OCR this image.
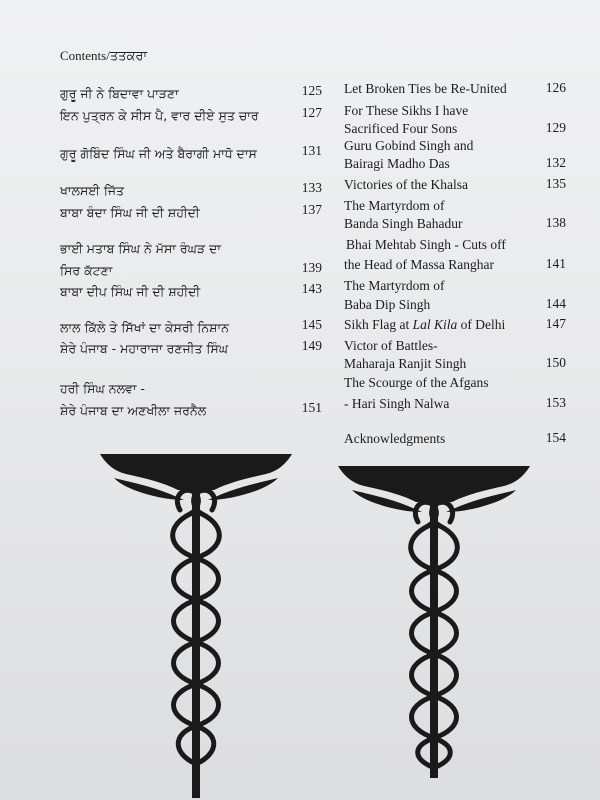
Contents/ਤਤਕਰਾ
ਗੁਰੂ ਜੀ ਨੇ ਬਿਦਾਵਾ ਪਾੜਣਾ	125
ਇਨ ਪੁਤ੍ਰਨ ਕੇ ਸੀਸ ਪੈ, ਵਾਰ ਦੀਏ ਸੁਤ ਚਾਰ	127
ਗੁਰੂ ਗੋਬਿੰਦ ਸਿੰਘ ਜੀ ਅਤੇ ਬੈਰਾਗੀ ਮਾਧੋ ਦਾਸ	131
ਖਾਲਸਈ ਜਿੱਤ	133
ਬਾਬਾ ਬੰਦਾ ਸਿੰਘ ਜੀ ਦੀ ਸ਼ਹੀਦੀ	137
ਭਾਈ ਮਤਾਬ ਸਿੰਘ ਨੇ ਮੱਸਾ ਰੰਘੜ ਦਾ
ਸਿਰ ਕੱਟਣਾ	139
ਬਾਬਾ ਦੀਪ ਸਿੰਘ ਜੀ ਦੀ ਸ਼ਹੀਦੀ	143
ਲਾਲ ਕਿੱਲੇ ਤੇ ਸਿੱਖਾਂ ਦਾ ਕੇਸਰੀ ਨਿਸ਼ਾਨ	145
ਸ਼ੇਰੇ ਪੰਜਾਬ - ਮਹਾਰਾਜਾ ਰਣਜੀਤ ਸਿੰਘ	149
ਹਰੀ ਸਿੰਘ ਨਲਵਾ -
ਸ਼ੇਰੇ ਪੰਜਾਬ ਦਾ ਅਣਖੀਲਾ ਜਰਨੈਲ	151
Let Broken Ties be Re-United	126
For These Sikhs I have
Sacrificed Four Sons	129
Guru Gobind Singh and
Bairagi Madho Das	132
Victories of the Khalsa	135
The Martyrdom of
Banda Singh Bahadur	138
Bhai Mehtab Singh - Cuts off
the Head of Massa Ranghar	141
The Martyrdom of
Baba Dip Singh	144
Sikh Flag at Lal Kila of Delhi	147
Victor of Battles-
Maharaja Ranjit Singh	150
The Scourge of the Afgans
- Hari Singh Nalwa	153
Acknowledgments	154
